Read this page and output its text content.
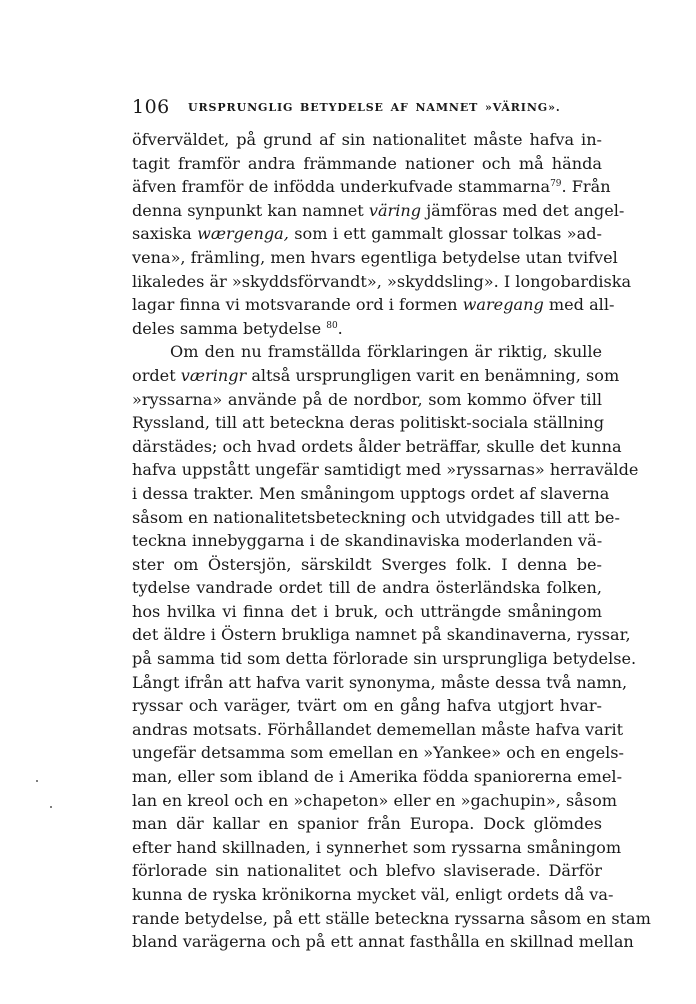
106 URSPRUNGLIG BETYDELSE AF NAMNET »VÄRING».
öfverväldet, på grund af sin nationalitet måste hafva in-
tagit framför andra främmande nationer och må hända
äfven framför de infödda underkufvade stammarna$^{79}$. Från
denna synpunkt kan namnet väring jämföras med det angel-
saxiska wærgenga, som i ett gammalt glossar tolkas »ad-
vena», främling, men hvars egentliga betydelse utan tvifvel
likaledes är »skyddsförvandt», »skyddsling». I longobardiska
lagar finna vi motsvarande ord i formen waregang med all-
deles samma betydelse $^{80}$.
Om den nu framställda förklaringen är riktig, skulle
ordet væringr altså ursprungligen varit en benämning, som
»ryssarna» använde på de nordbor, som kommo öfver till
Ryssland, till att beteckna deras politiskt-sociala ställning
därstädes; och hvad ordets ålder beträffar, skulle det kunna
hafva uppstått ungefär samtidigt med »ryssarnas» herravälde
i dessa trakter. Men småningom upptogs ordet af slaverna
såsom en nationalitetsbeteckning och utvidgades till att be-
teckna innebyggarna i de skandinaviska moderlanden vä-
ster om Östersjön, särskildt Sverges folk. I denna be-
tydelse vandrade ordet till de andra österländska folken,
hos hvilka vi finna det i bruk, och utträngde småningom
det äldre i Östern brukliga namnet på skandinaverna, ryssar,
på samma tid som detta förlorade sin ursprungliga betydelse.
Långt ifrån att hafva varit synonyma, måste dessa två namn,
ryssar och varäger, tvärt om en gång hafva utgjort hvar-
andras motsats. Förhållandet dememellan måste hafva varit
ungefär detsamma som emellan en »Yankee» och en engels-
man, eller som ibland de i Amerika födda spaniorerna emel-
lan en kreol och en »chapeton» eller en »gachupin», såsom
man där kallar en spanior från Europa. Dock glömdes
efter hand skillnaden, i synnerhet som ryssarna småningom
förlorade sin nationalitet och blefvo slaviserade. Därför
kunna de ryska krönikorna mycket väl, enligt ordets då va-
rande betydelse, på ett ställe beteckna ryssarna såsom en stam
bland varägerna och på ett annat fasthålla en skillnad mellan
